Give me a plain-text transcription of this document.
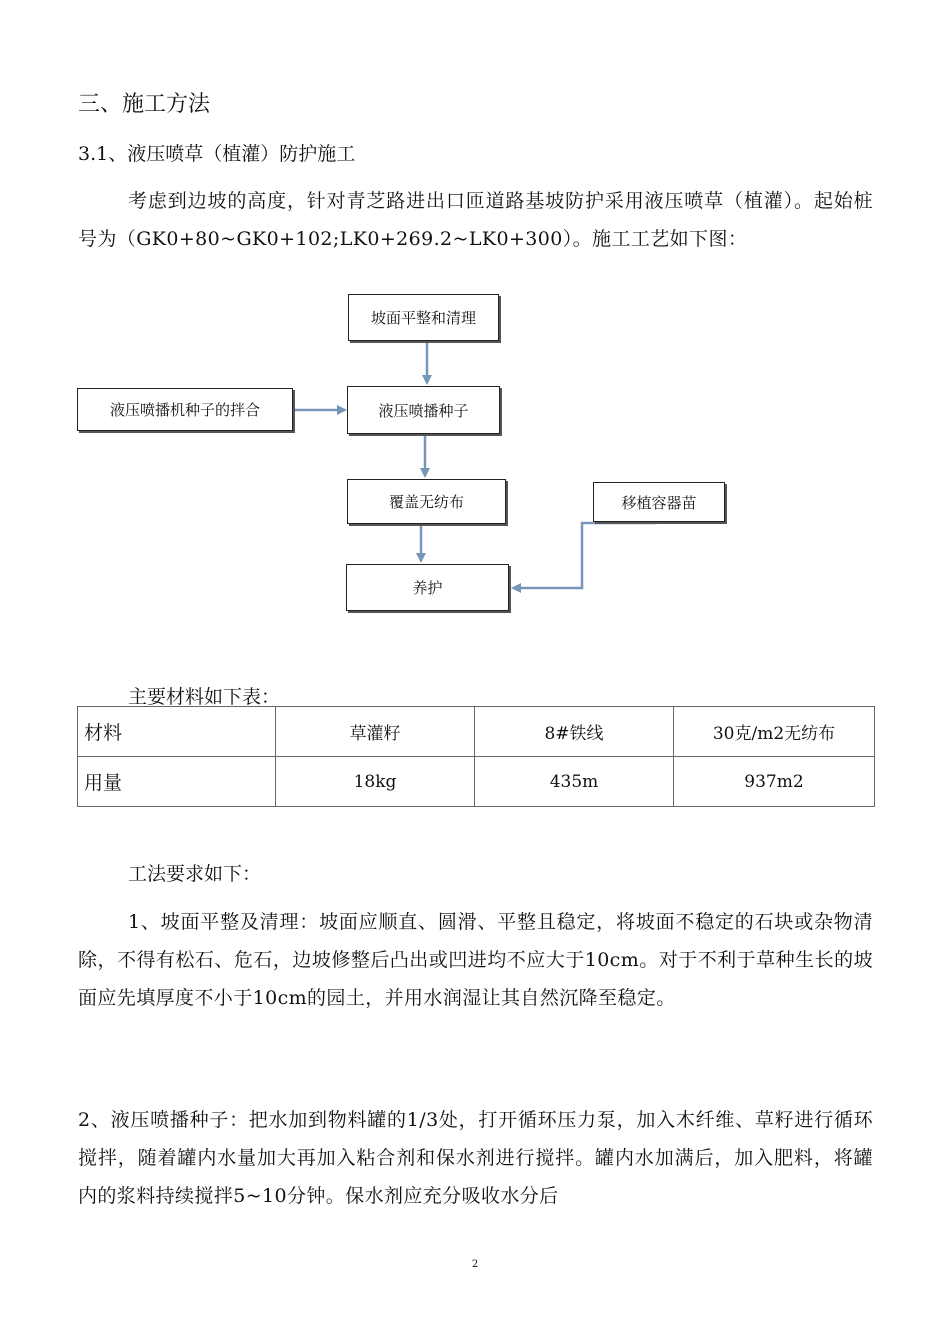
三、施工方法
3.1、液压喷草（植灌）防护施工
考虑到边坡的高度，针对青芝路进出口匝道路基坡防护采用液压喷草（植灌）。起始桩号为（GK0+80~GK0+102;LK0+269.2~LK0+300）。施工工艺如下图：
坡面平整和清理
液压喷播机种子的拌合	液压喷播种子
覆盖无纺布	移植容器苗
养护
主要材料如下表：
材料	草灌籽	8#铁线	30克/m2无纺布
用量	18kg	435m	937m2
工法要求如下：
1、坡面平整及清理：坡面应顺直、圆滑、平整且稳定，将坡面不稳定的石块或杂物清除，不得有松石、危石，边坡修整后凸出或凹进均不应大于10cm。对于不利于草种生长的坡面应先填厚度不小于10cm的园土，并用水润湿让其自然沉降至稳定。
2、液压喷播种子：把水加到物料罐的1/3处，打开循环压力泵，加入木纤维、草籽进行循环搅拌，随着罐内水量加大再加入粘合剂和保水剂进行搅拌。罐内水加满后，加入肥料，将罐内的浆料持续搅拌5~10分钟。保水剂应充分吸收水分后
2
